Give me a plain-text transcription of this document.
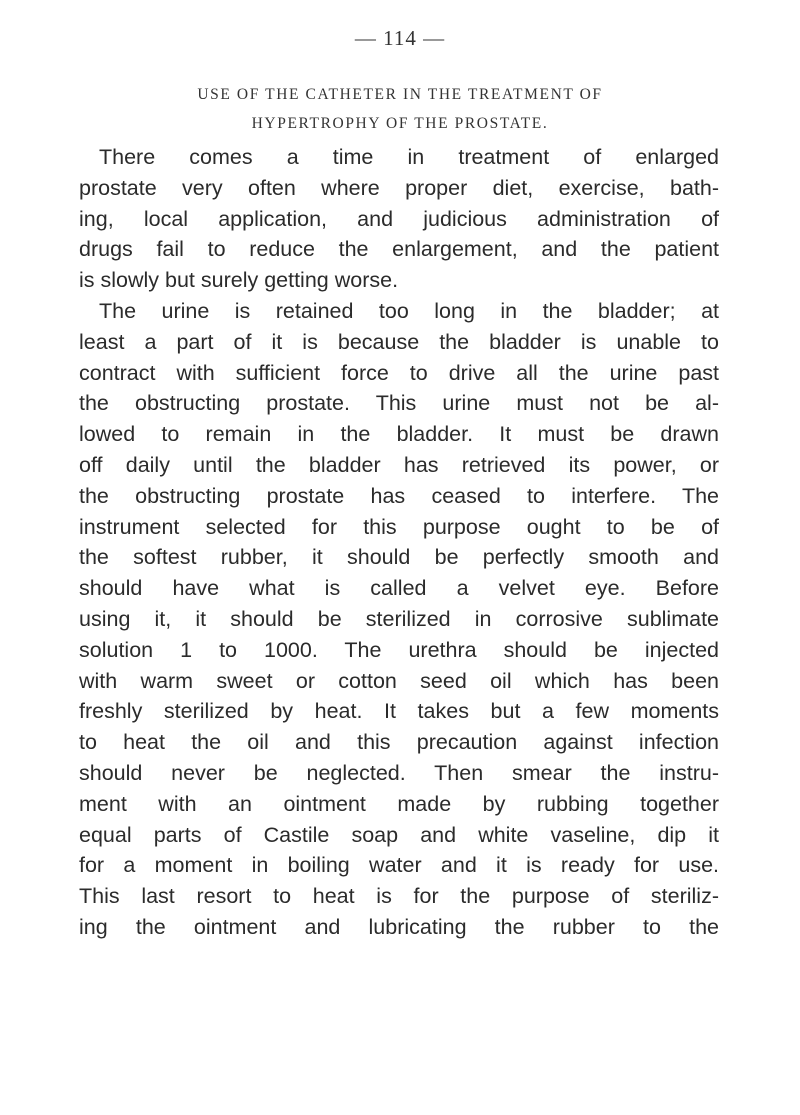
— 114 —
USE OF THE CATHETER IN THE TREATMENT OF
HYPERTROPHY OF THE PROSTATE.
There comes a time in treatment of enlarged
prostate very often where proper diet, exercise, bath-
ing, local application, and judicious administration of
drugs fail to reduce the enlargement, and the patient
is slowly but surely getting worse.
The urine is retained too long in the bladder; at
least a part of it is because the bladder is unable to
contract with sufficient force to drive all the urine past
the obstructing prostate. This urine must not be al-
lowed to remain in the bladder. It must be drawn
off daily until the bladder has retrieved its power, or
the obstructing prostate has ceased to interfere. The
instrument selected for this purpose ought to be of
the softest rubber, it should be perfectly smooth and
should have what is called a velvet eye. Before
using it, it should be sterilized in corrosive sublimate
solution 1 to 1000. The urethra should be injected
with warm sweet or cotton seed oil which has been
freshly sterilized by heat. It takes but a few moments
to heat the oil and this precaution against infection
should never be neglected. Then smear the instru-
ment with an ointment made by rubbing together
equal parts of Castile soap and white vaseline, dip it
for a moment in boiling water and it is ready for use.
This last resort to heat is for the purpose of steriliz-
ing the ointment and lubricating the rubber to the
